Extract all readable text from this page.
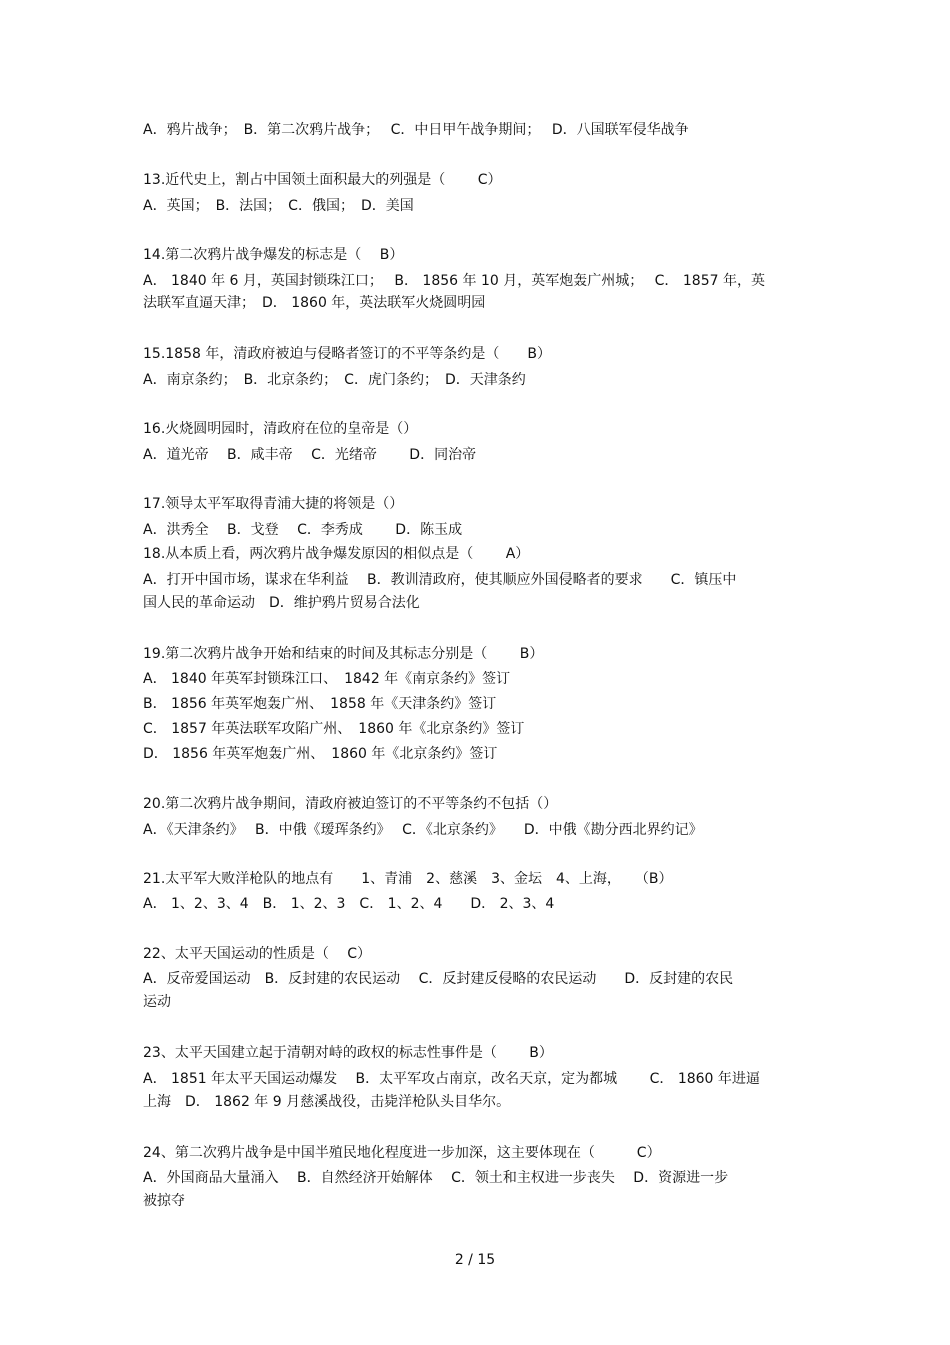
A．鸦片战争；　B．第二次鸦片战争；　 C．中日甲午战争期间；　 D．八国联军侵华战争

13.近代史上，割占中国领土面积最大的列强是（　　 C）

A．英国；　B．法国；　C．俄国；　D．美国

14.第二次鸦片战争爆发的标志是（　 B）

A． 1840 年 6 月，英国封锁珠江口；　 B． 1856 年 10 月，英军炮轰广州城；　 C． 1857 年，英

法联军直逼天津；　D． 1860 年，英法联军火烧圆明园

15.1858 年，清政府被迫与侵略者签订的不平等条约是（　　B）

A．南京条约；　B．北京条约；　C．虎门条约；　D．天津条约

16.火烧圆明园时，清政府在位的皇帝是（）

A．道光帝　 B．咸丰帝　 C．光绪帝　　 D．同治帝

17.领导太平军取得青浦大捷的将领是（）

A．洪秀全　 B．戈登　 C．李秀成　　 D．陈玉成

18.从本质上看，两次鸦片战争爆发原因的相似点是（　　 A）

A．打开中国市场，谋求在华利益　 B．教训清政府，使其顺应外国侵略者的要求　　C．镇压中

国人民的革命运动　D．维护鸦片贸易合法化

19.第二次鸦片战争开始和结束的时间及其标志分别是（　　 B）

A． 1840 年英军封锁珠江口、　1842 年《南京条约》签订

B． 1856 年英军炮轰广州、　1858 年《天津条约》签订

C． 1857 年英法联军攻陷广州、　1860 年《北京条约》签订

D． 1856 年英军炮轰广州、　1860 年《北京条约》签订

20.第二次鸦片战争期间，清政府被迫签订的不平等条约不包括（）

A．《天津条约》　 B．中俄《瑷珲条约》　 C．《北京条约》　　D．中俄《勘分西北界约记》

21.太平军大败洋枪队的地点有　　1、青浦　2、慈溪　3、金坛　4、上海，　　（B）

A． 1、2、3、4　B． 1、2、3　C． 1、2、4　　D． 2、3、4

22、太平天国运动的性质是（　 C）

A．反帝爱国运动　B．反封建的农民运动　 C．反封建反侵略的农民运动　　D．反封建的农民

运动

23、太平天国建立起于清朝对峙的政权的标志性事件是（　　 B）

A． 1851 年太平天国运动爆发　 B．太平军攻占南京，改名天京，定为都城　　 C． 1860 年进逼

上海　D． 1862 年 9 月慈溪战役，击毙洋枪队头目华尔。

24、第二次鸦片战争是中国半殖民地化程度进一步加深，这主要体现在（　　　C）

A．外国商品大量涌入　 B．自然经济开始解体　 C．领土和主权进一步丧失　 D．资源进一步

被掠夺

2 / 15
